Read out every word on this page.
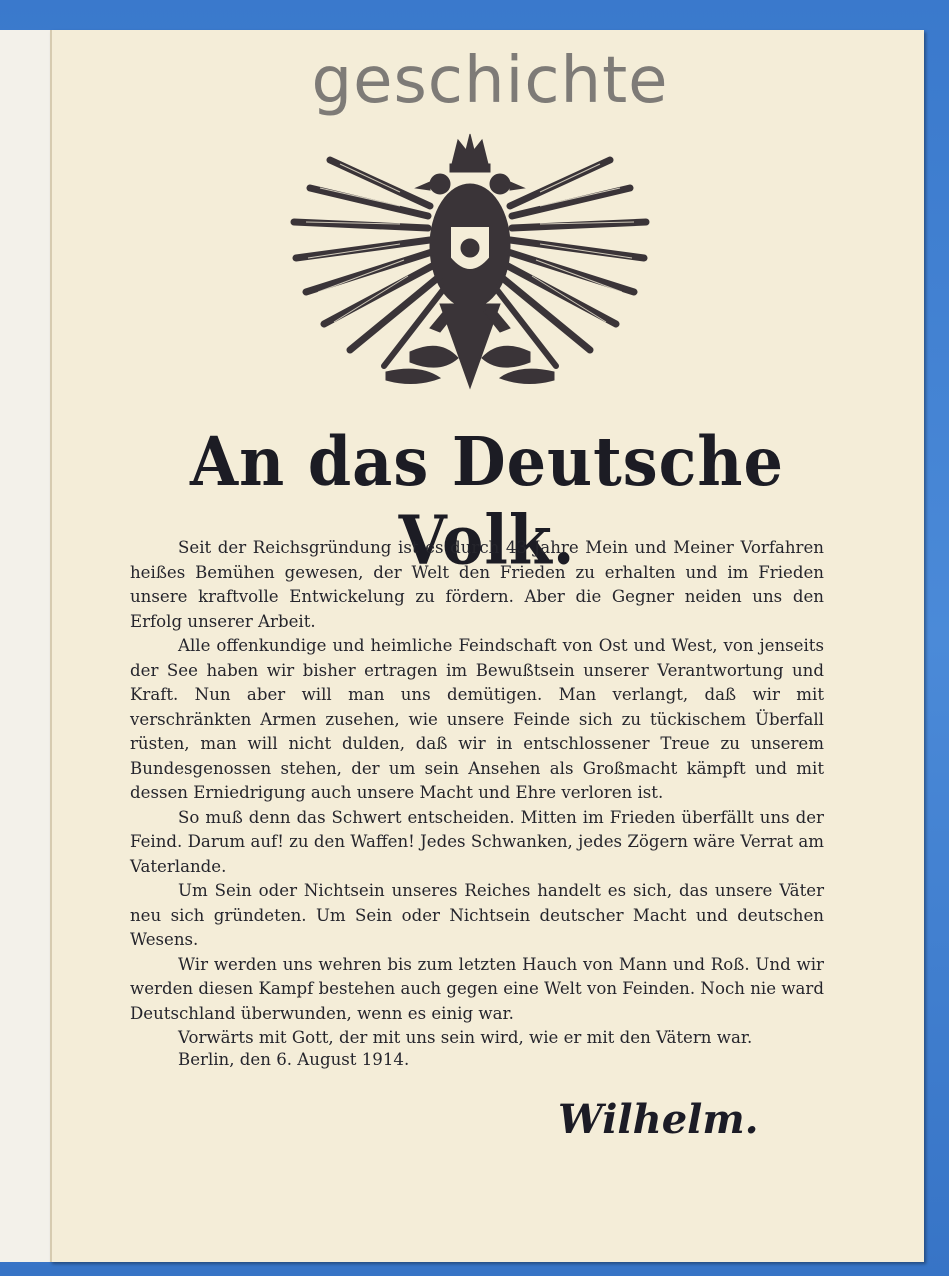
geschichte
An das Deutsche Volk.

Seit der Reichsgründung ist es durch 43 Jahre Mein und Meiner Vorfahren heißes Bemühen gewesen, der Welt den Frieden zu erhalten und im Frieden unsere kraftvolle Entwickelung zu fördern. Aber die Gegner neiden uns den Erfolg unserer Arbeit.

Alle offenkundige und heimliche Feindschaft von Ost und West, von jenseits der See haben wir bisher ertragen im Bewußtsein unserer Verantwortung und Kraft. Nun aber will man uns demütigen. Man verlangt, daß wir mit verschränkten Armen zusehen, wie unsere Feinde sich zu tückischem Überfall rüsten, man will nicht dulden, daß wir in entschlossener Treue zu unserem Bundesgenossen stehen, der um sein Ansehen als Großmacht kämpft und mit dessen Erniedrigung auch unsere Macht und Ehre verloren ist.

So muß denn das Schwert entscheiden. Mitten im Frieden überfällt uns der Feind. Darum auf! zu den Waffen! Jedes Schwanken, jedes Zögern wäre Verrat am Vaterlande.

Um Sein oder Nichtsein unseres Reiches handelt es sich, das unsere Väter neu sich gründeten. Um Sein oder Nichtsein deutscher Macht und deutschen Wesens.

Wir werden uns wehren bis zum letzten Hauch von Mann und Roß. Und wir werden diesen Kampf bestehen auch gegen eine Welt von Feinden. Noch nie ward Deutschland überwunden, wenn es einig war.

Vorwärts mit Gott, der mit uns sein wird, wie er mit den Vätern war.

Berlin, den 6. August 1914.
Wilhelm.
